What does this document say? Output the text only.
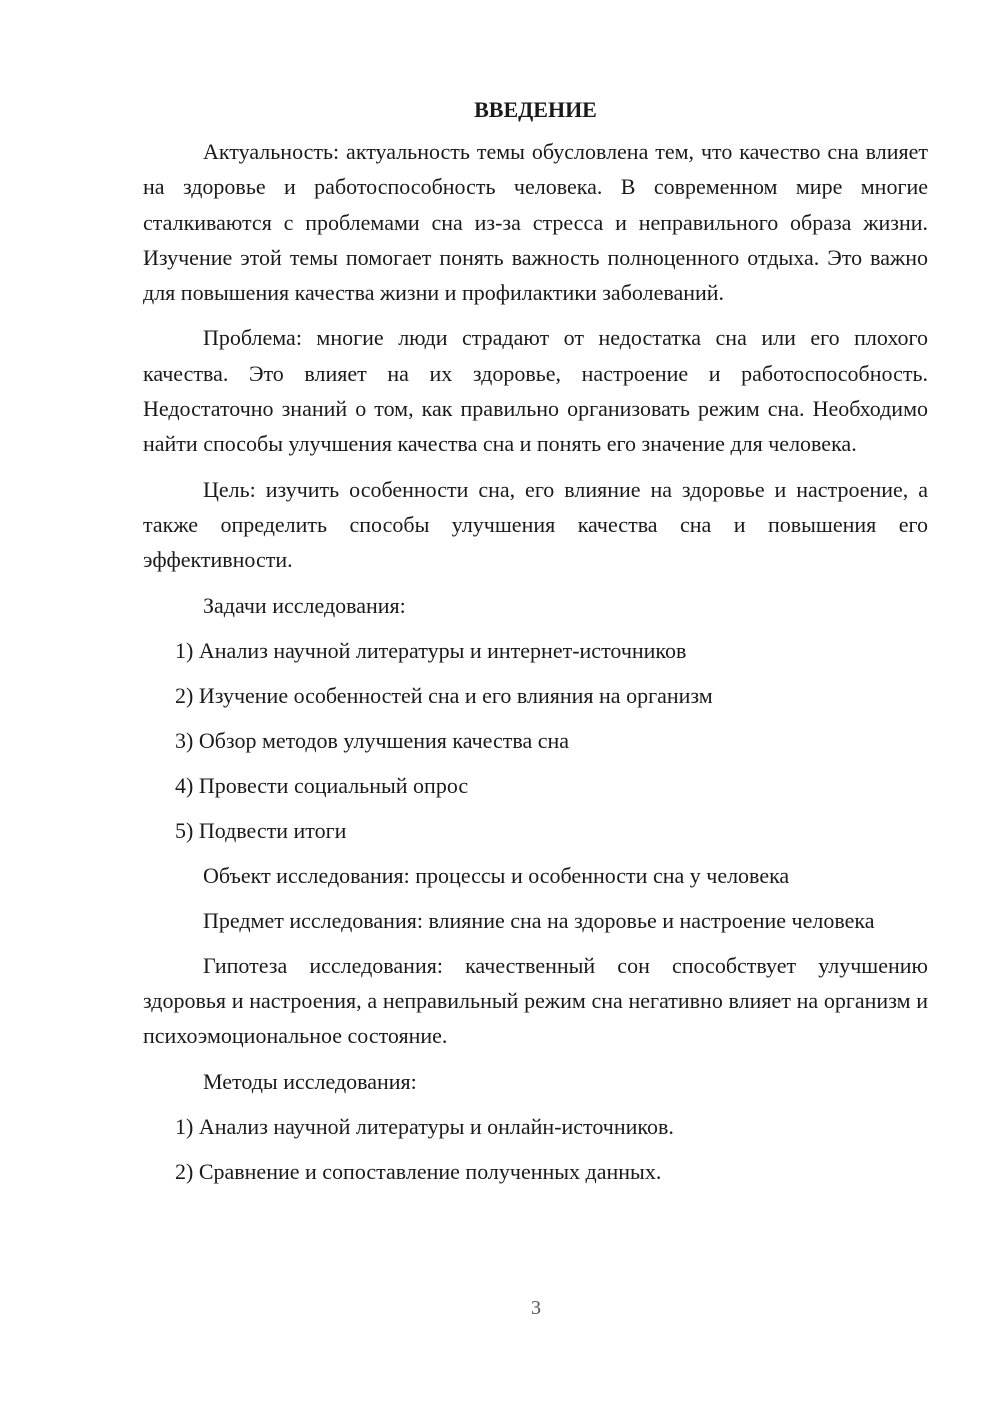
ВВЕДЕНИЕ

Актуальность: актуальность темы обусловлена тем, что качество сна влияет на здоровье и работоспособность человека. В современном мире многие сталкиваются с проблемами сна из-за стресса и неправильного образа жизни. Изучение этой темы помогает понять важность полноценного отдыха. Это важно для повышения качества жизни и профилактики заболеваний.

Проблема: многие люди страдают от недостатка сна или его плохого качества. Это влияет на их здоровье, настроение и работоспособность. Недостаточно знаний о том, как правильно организовать режим сна. Необходимо найти способы улучшения качества сна и понять его значение для человека.

Цель: изучить особенности сна, его влияние на здоровье и настроение, а также определить способы улучшения качества сна и повышения его эффективности.

Задачи исследования:
1) Анализ научной литературы и интернет-источников
2) Изучение особенностей сна и его влияния на организм
3) Обзор методов улучшения качества сна
4) Провести социальный опрос
5) Подвести итоги
Объект исследования: процессы и особенности сна у человека

Предмет исследования: влияние сна на здоровье и настроение человека

Гипотеза исследования: качественный сон способствует улучшению здоровья и настроения, а неправильный режим сна негативно влияет на организм и психоэмоциональное состояние.

Методы исследования:
1) Анализ научной литературы и онлайн-источников.
2) Сравнение и сопоставление полученных данных.
3
